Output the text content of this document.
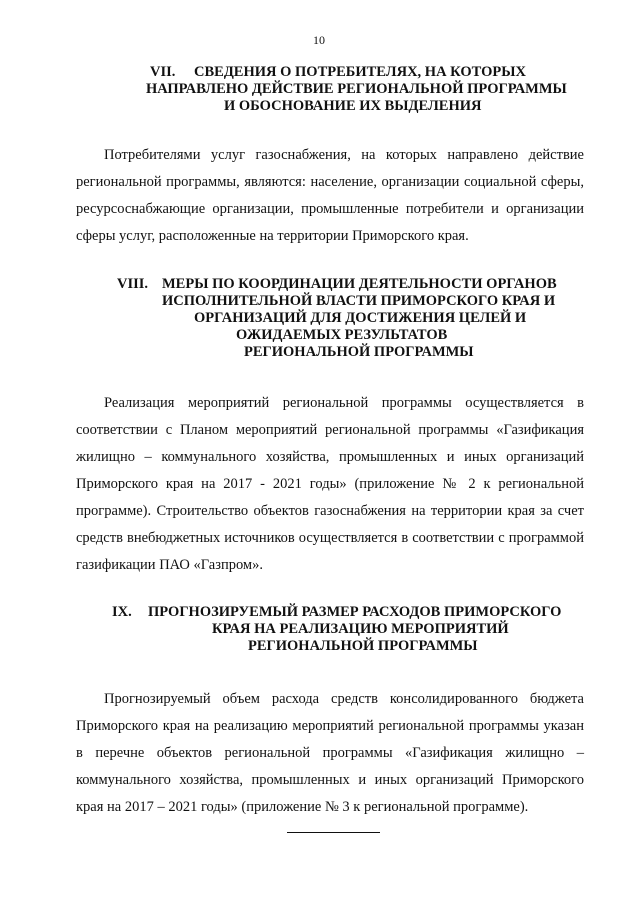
10
VII. СВЕДЕНИЯ О ПОТРЕБИТЕЛЯХ, НА КОТОРЫХ
НАПРАВЛЕНО ДЕЙСТВИЕ РЕГИОНАЛЬНОЙ ПРОГРАММЫ
И ОБОСНОВАНИЕ ИХ ВЫДЕЛЕНИЯ

Потребителями услуг газоснабжения, на которых направлено действие региональной программы, являются: население, организации социальной сферы, ресурсоснабжающие организации, промышленные потребители и организации сферы услуг, расположенные на территории Приморского края.

VIII. МЕРЫ ПО КООРДИНАЦИИ ДЕЯТЕЛЬНОСТИ ОРГАНОВ
ИСПОЛНИТЕЛЬНОЙ ВЛАСТИ ПРИМОРСКОГО КРАЯ И
ОРГАНИЗАЦИЙ ДЛЯ ДОСТИЖЕНИЯ ЦЕЛЕЙ И
ОЖИДАЕМЫХ РЕЗУЛЬТАТОВ
РЕГИОНАЛЬНОЙ ПРОГРАММЫ

Реализация мероприятий региональной программы осуществляется в соответствии с Планом мероприятий региональной программы «Газификация жилищно – коммунального хозяйства, промышленных и иных организаций Приморского края на 2017 - 2021 годы» (приложение № 2 к региональной программе). Строительство объектов газоснабжения на территории края за счет средств внебюджетных источников осуществляется в соответствии с программой газификации ПАО «Газпром».

IX. ПРОГНОЗИРУЕМЫЙ РАЗМЕР РАСХОДОВ ПРИМОРСКОГО
КРАЯ НА РЕАЛИЗАЦИЮ МЕРОПРИЯТИЙ
РЕГИОНАЛЬНОЙ ПРОГРАММЫ

Прогнозируемый объем расхода средств консолидированного бюджета Приморского края на реализацию мероприятий региональной программы указан в перечне объектов региональной программы «Газификация жилищно – коммунального хозяйства, промышленных и иных организаций Приморского края на 2017 – 2021 годы» (приложение № 3 к региональной программе).
